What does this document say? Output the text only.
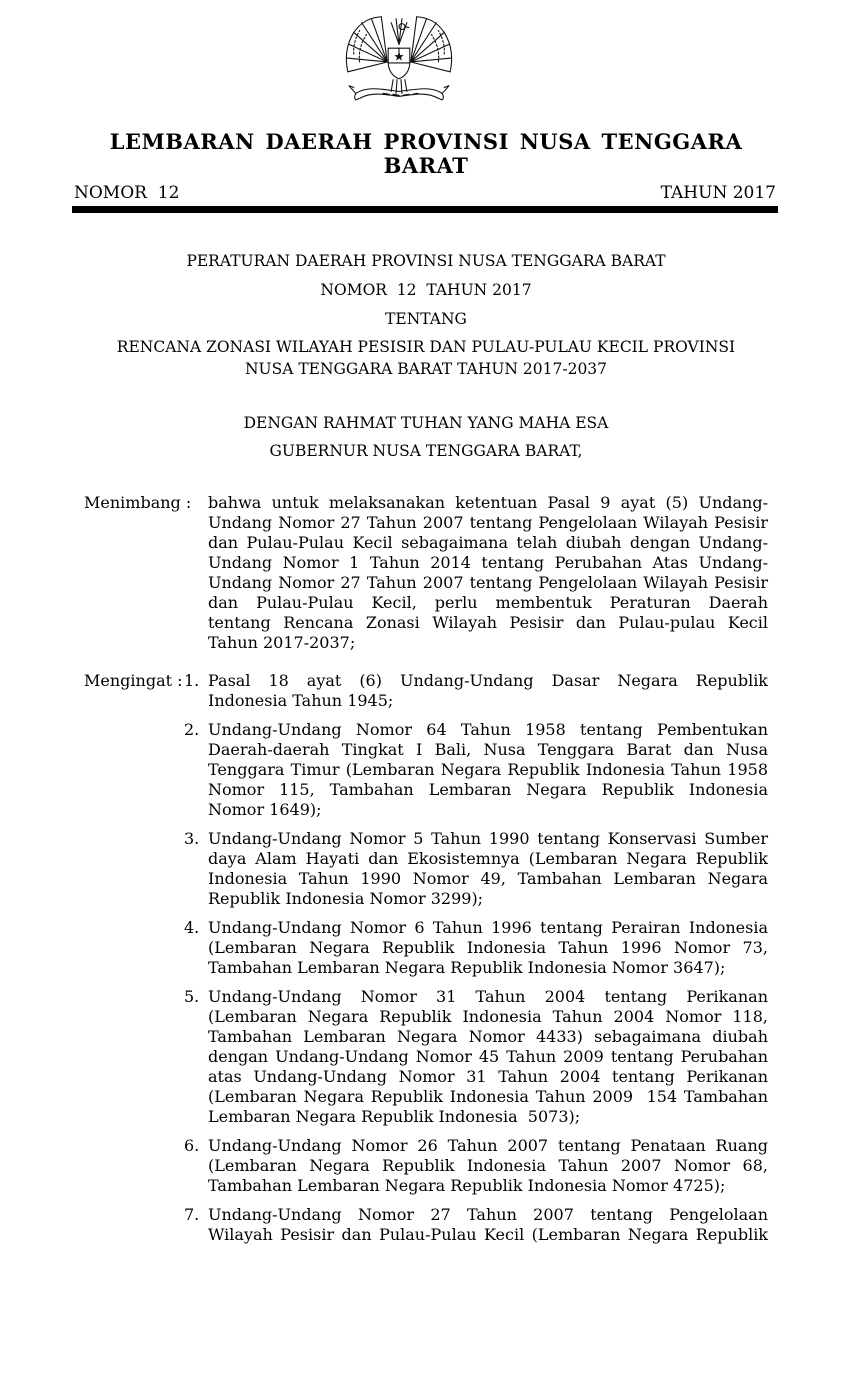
LEMBARAN DAERAH PROVINSI NUSA TENGGARA BARAT
NOMOR  12	TAHUN 2017
PERATURAN DAERAH PROVINSI NUSA TENGGARA BARAT
NOMOR  12  TAHUN 2017
TENTANG
RENCANA ZONASI WILAYAH PESISIR DAN PULAU-PULAU KECIL PROVINSI
NUSA TENGGARA BARAT TAHUN 2017-2037
DENGAN RAHMAT TUHAN YANG MAHA ESA
GUBERNUR NUSA TENGGARA BARAT,
Menimbang : bahwa untuk melaksanakan ketentuan Pasal 9 ayat (5) Undang-
Undang Nomor 27 Tahun 2007 tentang Pengelolaan Wilayah Pesisir
dan Pulau-Pulau Kecil sebagaimana telah diubah dengan Undang-
Undang Nomor 1 Tahun 2014 tentang Perubahan Atas Undang-
Undang Nomor 27 Tahun 2007 tentang Pengelolaan Wilayah Pesisir
dan Pulau-Pulau Kecil, perlu membentuk Peraturan Daerah
tentang Rencana Zonasi Wilayah Pesisir dan Pulau-pulau Kecil
Tahun 2017-2037;
Mengingat : 1. Pasal 18 ayat (6) Undang-Undang Dasar Negara Republik
Indonesia Tahun 1945;
2. Undang-Undang Nomor 64 Tahun 1958 tentang Pembentukan
Daerah-daerah Tingkat I Bali, Nusa Tenggara Barat dan Nusa
Tenggara Timur (Lembaran Negara Republik Indonesia Tahun 1958
Nomor 115, Tambahan Lembaran Negara Republik Indonesia
Nomor 1649);
3. Undang-Undang Nomor 5 Tahun 1990 tentang Konservasi Sumber
daya Alam Hayati dan Ekosistemnya (Lembaran Negara Republik
Indonesia Tahun 1990 Nomor 49, Tambahan Lembaran Negara
Republik Indonesia Nomor 3299);
4. Undang-Undang Nomor 6 Tahun 1996 tentang Perairan Indonesia
(Lembaran Negara Republik Indonesia Tahun 1996 Nomor 73,
Tambahan Lembaran Negara Republik Indonesia Nomor 3647);
5. Undang-Undang Nomor 31 Tahun 2004 tentang Perikanan
(Lembaran Negara Republik Indonesia Tahun 2004 Nomor 118,
Tambahan Lembaran Negara Nomor 4433) sebagaimana diubah
dengan Undang-Undang Nomor 45 Tahun 2009 tentang Perubahan
atas Undang-Undang Nomor 31 Tahun 2004 tentang Perikanan
(Lembaran Negara Republik Indonesia Tahun 2009  154 Tambahan
Lembaran Negara Republik Indonesia  5073);
6. Undang-Undang Nomor 26 Tahun 2007 tentang Penataan Ruang
(Lembaran Negara Republik Indonesia Tahun 2007 Nomor 68,
Tambahan Lembaran Negara Republik Indonesia Nomor 4725);
7. Undang-Undang Nomor 27 Tahun 2007 tentang Pengelolaan
Wilayah Pesisir dan Pulau-Pulau Kecil (Lembaran Negara Republik
